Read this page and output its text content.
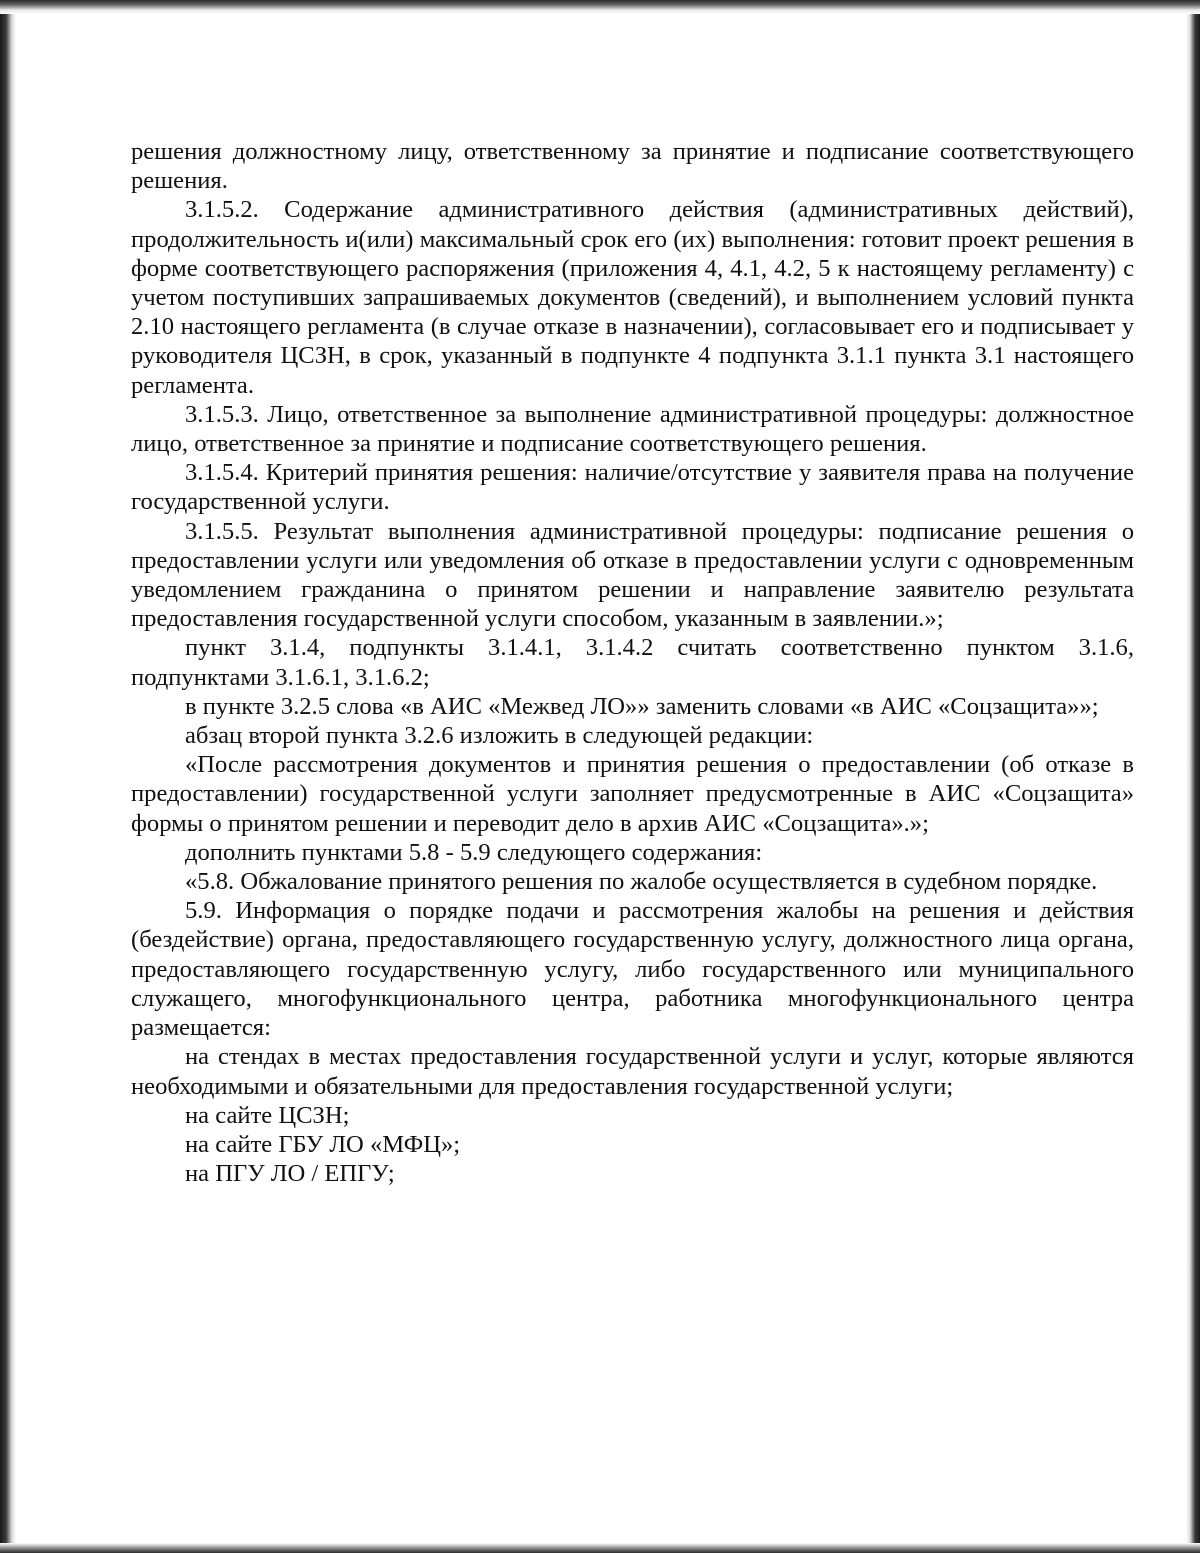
решения должностному лицу, ответственному за принятие и подписание соответствующего решения.

3.1.5.2. Содержание административного действия (административных действий), продолжительность и(или) максимальный срок его (их) выполнения: готовит проект решения в форме соответствующего распоряжения (приложения 4, 4.1, 4.2, 5 к настоящему регламенту) с учетом поступивших запрашиваемых документов (сведений), и выполнением условий пункта 2.10 настоящего регламента (в случае отказе в назначении), согласовывает его и подписывает у руководителя ЦСЗН, в срок, указанный в подпункте 4 подпункта 3.1.1 пункта 3.1 настоящего регламента.

3.1.5.3. Лицо, ответственное за выполнение административной процедуры: должностное лицо, ответственное за принятие и подписание соответствующего решения.

3.1.5.4. Критерий принятия решения: наличие/отсутствие у заявителя права на получение государственной услуги.

3.1.5.5. Результат выполнения административной процедуры: подписание решения о предоставлении услуги или уведомления об отказе в предоставлении услуги с одновременным уведомлением гражданина о принятом решении и направление заявителю результата предоставления государственной услуги способом, указанным в заявлении.»;

пункт 3.1.4, подпункты 3.1.4.1, 3.1.4.2 считать соответственно пунктом 3.1.6, подпунктами 3.1.6.1, 3.1.6.2;

в пункте 3.2.5 слова «в АИС «Межвед ЛО»» заменить словами «в АИС «Соцзащита»»;

абзац второй пункта 3.2.6 изложить в следующей редакции:

«После рассмотрения документов и принятия решения о предоставлении (об отказе в предоставлении) государственной услуги заполняет предусмотренные в АИС «Соцзащита» формы о принятом решении и переводит дело в архив АИС «Соцзащита».»;

дополнить пунктами 5.8 - 5.9 следующего содержания:

«5.8. Обжалование принятого решения по жалобе осуществляется в судебном порядке.

5.9. Информация о порядке подачи и рассмотрения жалобы на решения и действия (бездействие) органа, предоставляющего государственную услугу, должностного лица органа, предоставляющего государственную услугу, либо государственного или муниципального служащего, многофункционального центра, работника многофункционального центра размещается:

на стендах в местах предоставления государственной услуги и услуг, которые являются необходимыми и обязательными для предоставления государственной услуги;

на сайте ЦСЗН;

на сайте ГБУ ЛО «МФЦ»;

на ПГУ ЛО / ЕПГУ;
